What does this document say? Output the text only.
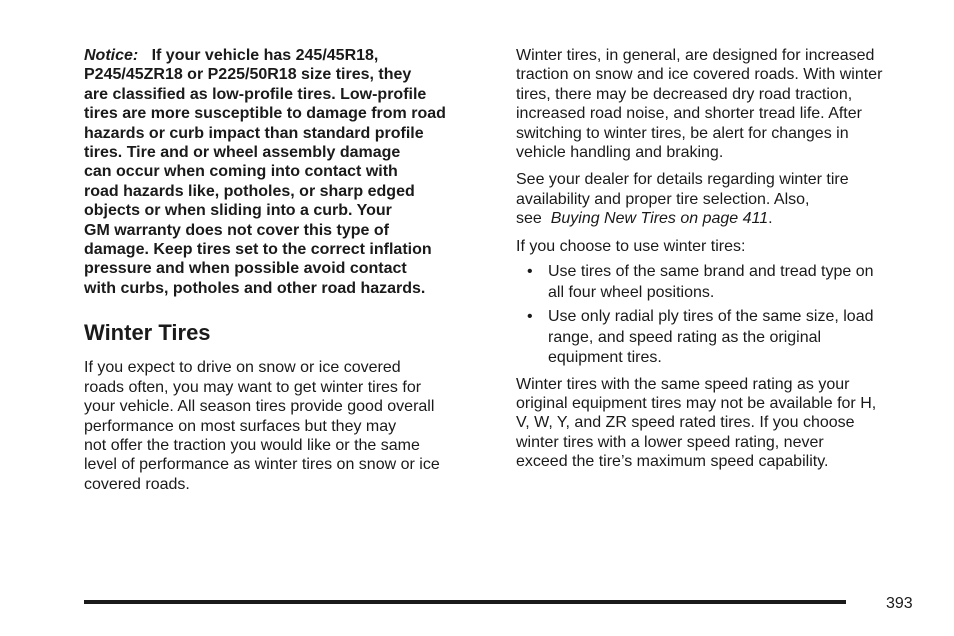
Notice: If your vehicle has 245/45R18,
P245/45ZR18 or P225/50R18 size tires, they
are classified as low-profile tires. Low-profile
tires are more susceptible to damage from road
hazards or curb impact than standard profile
tires. Tire and or wheel assembly damage
can occur when coming into contact with
road hazards like, potholes, or sharp edged
objects or when sliding into a curb. Your
GM warranty does not cover this type of
damage. Keep tires set to the correct inflation
pressure and when possible avoid contact
with curbs, potholes and other road hazards.

Winter Tires

If you expect to drive on snow or ice covered
roads often, you may want to get winter tires for
your vehicle. All season tires provide good overall
performance on most surfaces but they may
not offer the traction you would like or the same
level of performance as winter tires on snow or ice
covered roads.

Winter tires, in general, are designed for increased
traction on snow and ice covered roads. With winter
tires, there may be decreased dry road traction,
increased road noise, and shorter tread life. After
switching to winter tires, be alert for changes in
vehicle handling and braking.

See your dealer for details regarding winter tire
availability and proper tire selection. Also,
see Buying New Tires on page 411.

If you choose to use winter tires:

• Use tires of the same brand and tread type on
all four wheel positions.
• Use only radial ply tires of the same size, load
range, and speed rating as the original
equipment tires.

Winter tires with the same speed rating as your
original equipment tires may not be available for H,
V, W, Y, and ZR speed rated tires. If you choose
winter tires with a lower speed rating, never
exceed the tire’s maximum speed capability.

393
